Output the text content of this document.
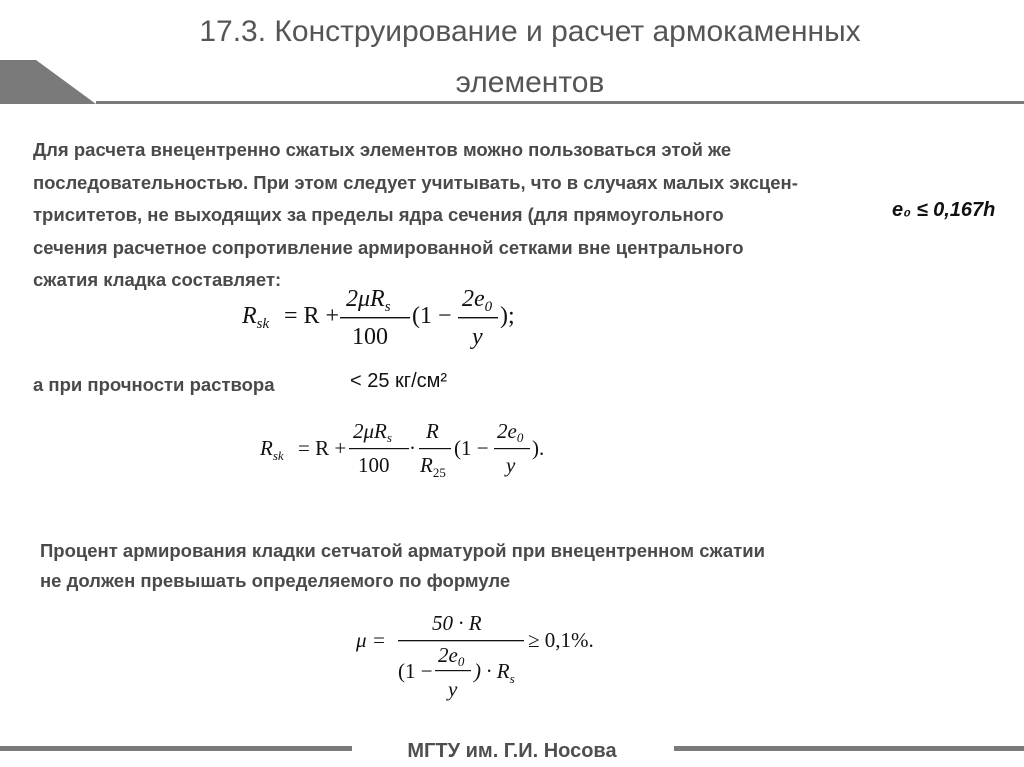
17.3. Конструирование и расчет армокаменных
элементов
Для расчета внецентренно сжатых элементов можно пользоваться этой же
последовательностью. При этом следует учитывать, что в случаях малых эксцен-
триситетов, не выходящих за пределы ядра сечения (для прямоугольного
сечения расчетное сопротивление армированной сетками вне центрального
сжатия кладка составляет:
e₀ ≤ 0,167h
$R_{sk} = R$ +
$2\mu R_s$
100
(1 −
$2e_0$
y
);
а при прочности раствора	< 25 кг/см²
$R_{sk} = R$ +
2μRs
100
·
R
$R_{25}$
(1 −
2e0
y
).
Процент армирования кладки сетчатой арматурой при внецентренном сжатии
не должен превышать определяемого по формуле
μ =
50 · R
(1 −
2e0
y
) · $R_s$
≥ 0,1%.
МГТУ им. Г.И. Носова
